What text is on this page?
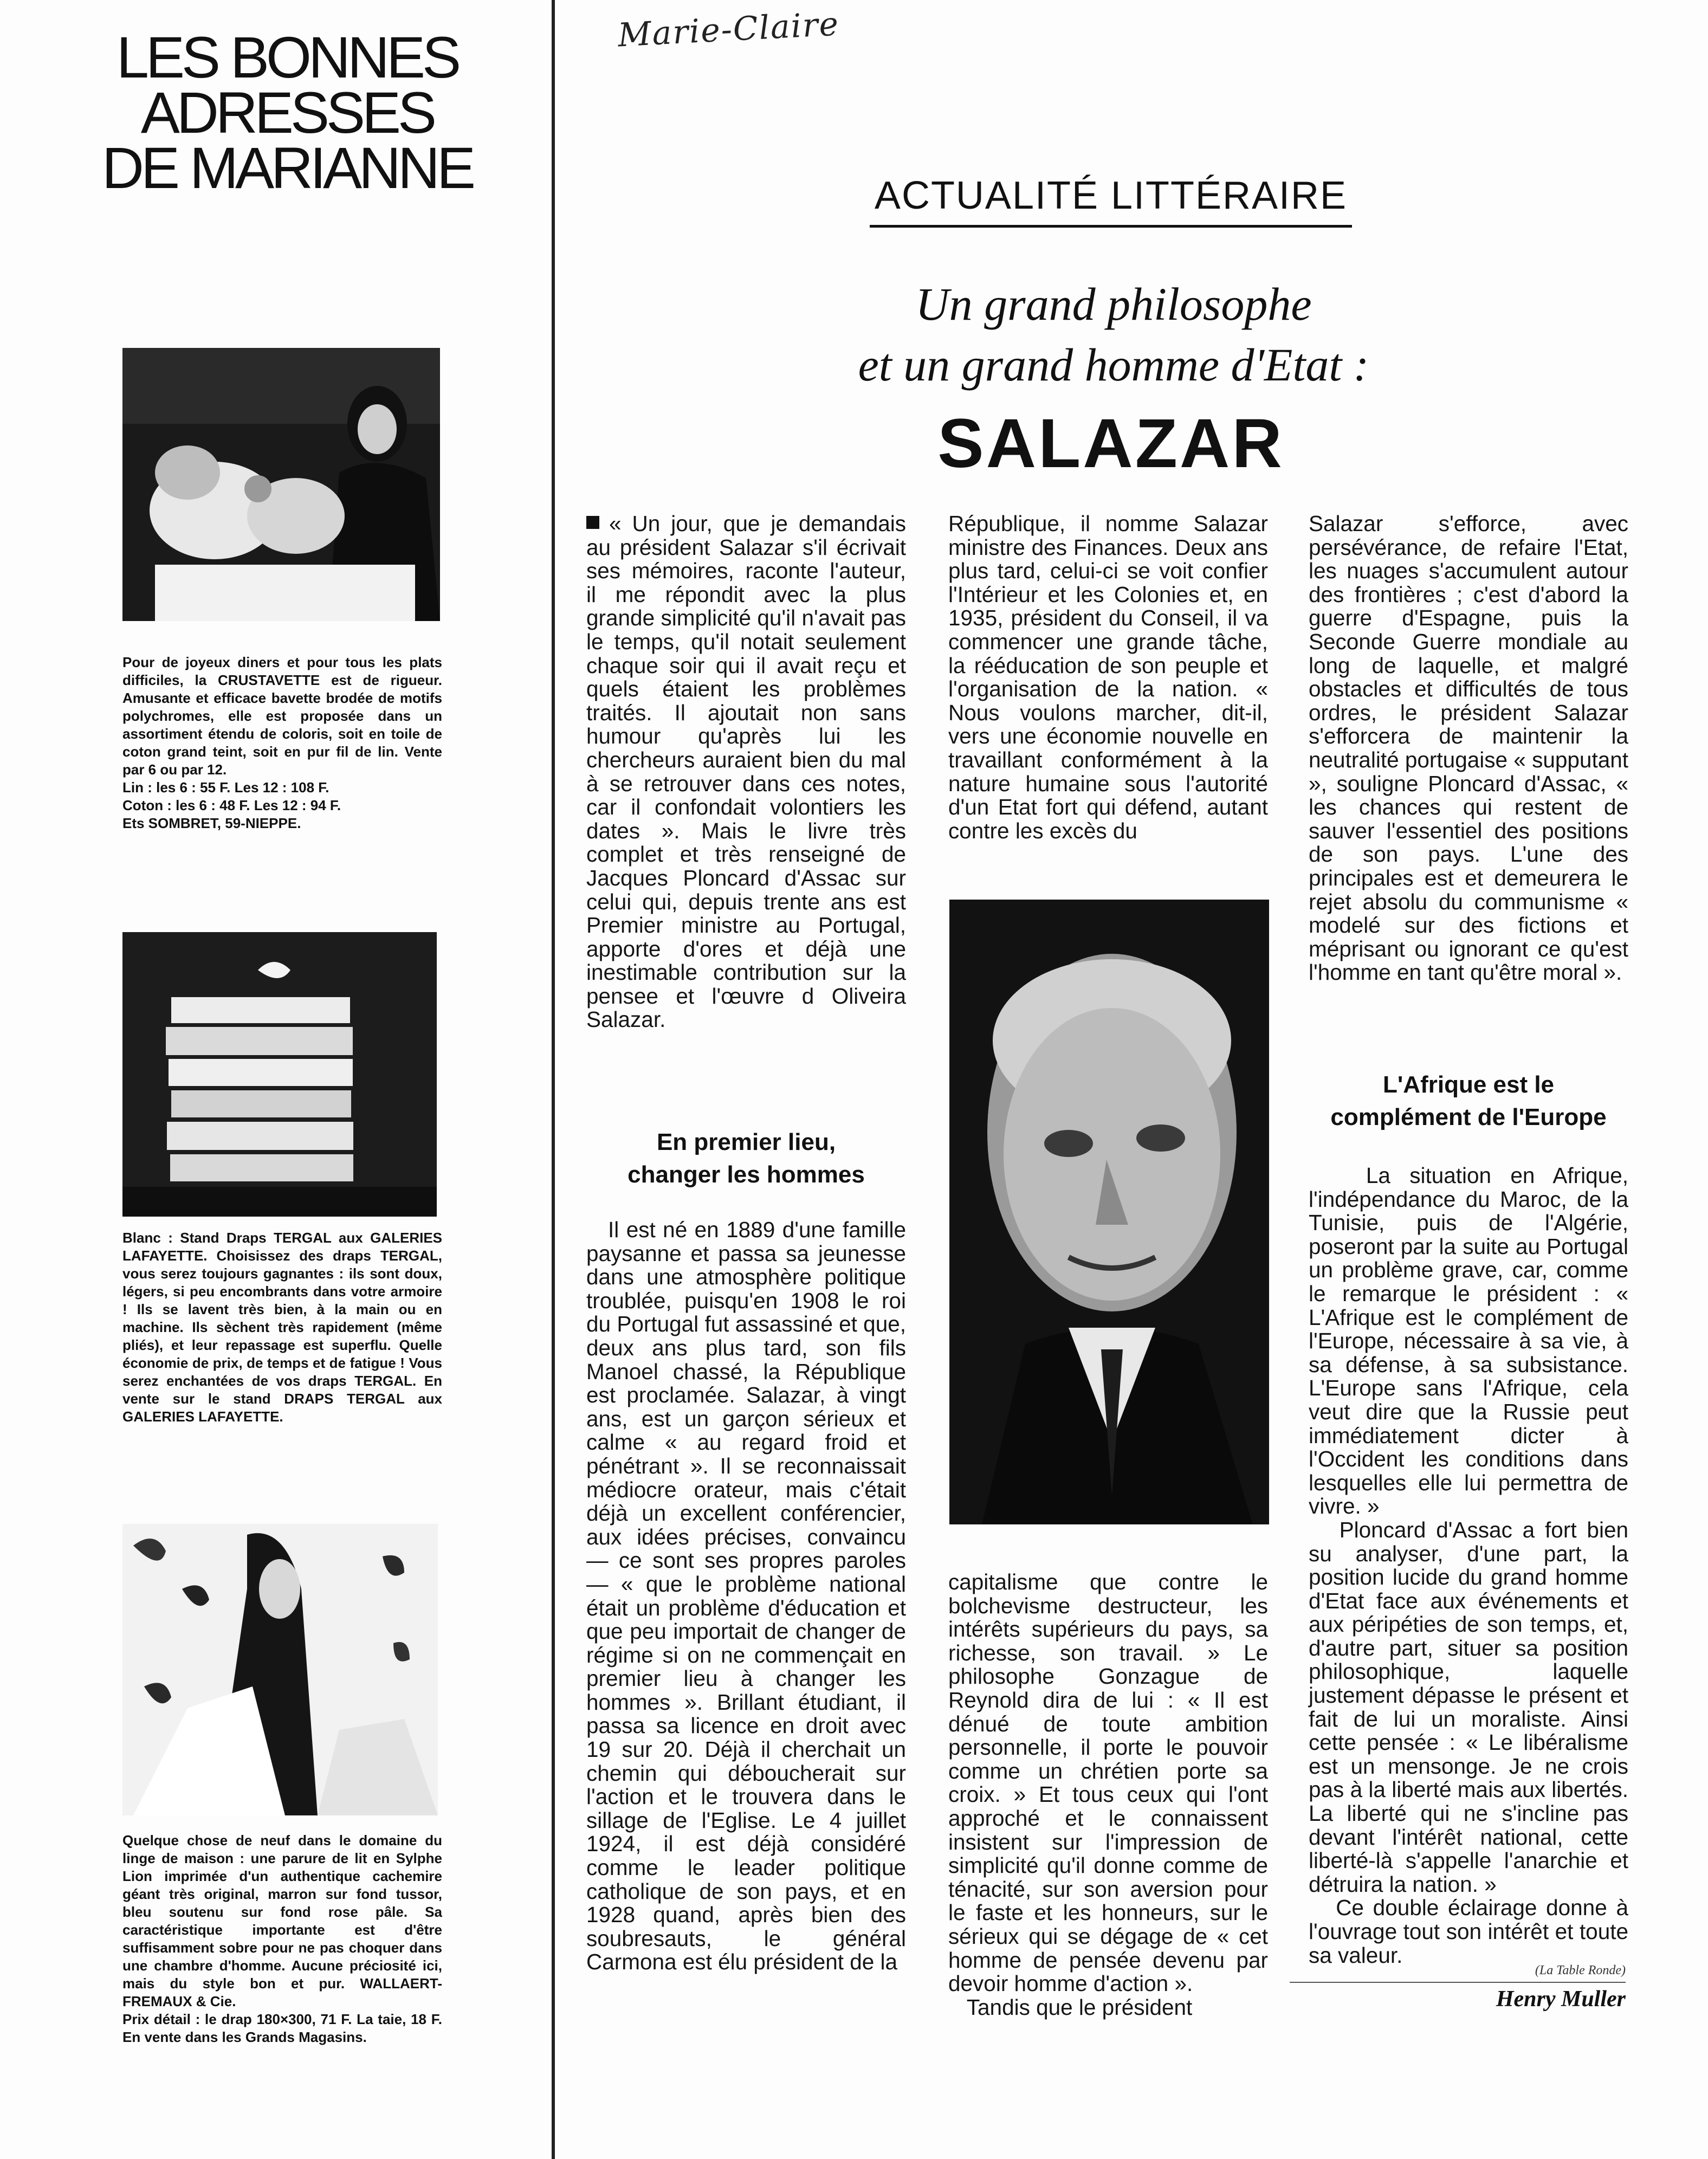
Marie-Claire
LES BONNES
ADRESSES
DE MARIANNE
Pour de joyeux diners et pour tous les plats difficiles, la CRUSTAVETTE est de rigueur. Amusante et efficace bavette brodée de motifs polychromes, elle est proposée dans un assortiment étendu de coloris, soit en toile de coton grand teint, soit en pur fil de lin. Vente par 6 ou par 12.
Lin : les 6 : 55 F. Les 12 : 108 F.
Coton : les 6 : 48 F. Les 12 : 94 F.
Ets SOMBRET, 59-NIEPPE.
Blanc : Stand Draps TERGAL aux GALERIES LAFAYETTE. Choisissez des draps TERGAL, vous serez toujours gagnantes : ils sont doux, légers, si peu encombrants dans votre armoire ! Ils se lavent très bien, à la main ou en machine. Ils sèchent très rapidement (même pliés), et leur repassage est superflu. Quelle économie de prix, de temps et de fatigue ! Vous serez enchantées de vos draps TERGAL. En vente sur le stand DRAPS TERGAL aux GALERIES LAFAYETTE.
Quelque chose de neuf dans le domaine du linge de maison : une parure de lit en Sylphe Lion imprimée d'un authentique cachemire géant très original, marron sur fond tussor, bleu soutenu sur fond rose pâle. Sa caractéristique importante est d'être suffisamment sobre pour ne pas choquer dans une chambre d'homme. Aucune préciosité ici, mais du style bon et pur. WALLAERT-FREMAUX & Cie.
Prix détail : le drap 180×300, 71 F. La taie, 18 F. En vente dans les Grands Magasins.
ACTUALITÉ LITTÉRAIRE
Un grand philosophe
et un grand homme d'Etat :
SALAZAR
« Un jour, que je demandais au président Salazar s'il écrivait ses mémoires, raconte l'auteur, il me répondit avec la plus grande simplicité qu'il n'avait pas le temps, qu'il notait seulement chaque soir qui il avait reçu et quels étaient les problèmes traités. Il ajoutait non sans humour qu'après lui les chercheurs auraient bien du mal à se retrouver dans ces notes, car il confondait volontiers les dates ». Mais le livre très complet et très renseigné de Jacques Ploncard d'Assac sur celui qui, depuis trente ans est Premier ministre au Portugal, apporte d'ores et déjà une inestimable contribution sur la pensee et l'œuvre d Oliveira Salazar.
En premier lieu,
changer les hommes
Il est né en 1889 d'une famille paysanne et passa sa jeunesse dans une atmosphère politique troublée, puisqu'en 1908 le roi du Portugal fut assassiné et que, deux ans plus tard, son fils Manoel chassé, la République est proclamée. Salazar, à vingt ans, est un garçon sérieux et calme « au regard froid et pénétrant ». Il se reconnaissait médiocre orateur, mais c'était déjà un excellent conférencier, aux idées précises, convaincu — ce sont ses propres paroles — « que le problème national était un problème d'éducation et que peu importait de changer de régime si on ne commençait en premier lieu à changer les hommes ». Brillant étudiant, il passa sa licence en droit avec 19 sur 20. Déjà il cherchait un chemin qui déboucherait sur l'action et le trouvera dans le sillage de l'Eglise. Le 4 juillet 1924, il est déjà considéré comme le leader politique catholique de son pays, et en 1928 quand, après bien des soubresauts, le général Carmona est élu président de la
République, il nomme Salazar ministre des Finances. Deux ans plus tard, celui-ci se voit confier l'Intérieur et les Colonies et, en 1935, président du Conseil, il va commencer une grande tâche, la rééducation de son peuple et l'organisation de la nation. « Nous voulons marcher, dit-il, vers une économie nouvelle en travaillant conformément à la nature humaine sous l'autorité d'un Etat fort qui défend, autant contre les excès du
capitalisme que contre le bolchevisme destructeur, les intérêts supérieurs du pays, sa richesse, son travail. » Le philosophe Gonzague de Reynold dira de lui : « Il est dénué de toute ambition personnelle, il porte le pouvoir comme un chrétien porte sa croix. » Et tous ceux qui l'ont approché et le connaissent insistent sur l'impression de simplicité qu'il donne comme de ténacité, sur son aversion pour le faste et les honneurs, sur le sérieux qui se dégage de « cet homme de pensée devenu par devoir homme d'action ».
Tandis que le président
Salazar s'efforce, avec persévérance, de refaire l'Etat, les nuages s'accumulent autour des frontières ; c'est d'abord la guerre d'Espagne, puis la Seconde Guerre mondiale au long de laquelle, et malgré obstacles et difficultés de tous ordres, le président Salazar s'efforcera de maintenir la neutralité portugaise « supputant », souligne Ploncard d'Assac, « les chances qui restent de sauver l'essentiel des positions de son pays. L'une des principales est et demeurera le rejet absolu du communisme « modelé sur des fictions et méprisant ou ignorant ce qu'est l'homme en tant qu'être moral ».
L'Afrique est le
complément de l'Europe
La situation en Afrique, l'indépendance du Maroc, de la Tunisie, puis de l'Algérie, poseront par la suite au Portugal un problème grave, car, comme le remarque le président : « L'Afrique est le complément de l'Europe, nécessaire à sa vie, à sa défense, à sa subsistance. L'Europe sans l'Afrique, cela veut dire que la Russie peut immédiatement dicter à l'Occident les conditions dans lesquelles elle lui permettra de vivre. »
Ploncard d'Assac a fort bien su analyser, d'une part, la position lucide du grand homme d'Etat face aux événements et aux péripéties de son temps, et, d'autre part, situer sa position philosophique, laquelle justement dépasse le présent et fait de lui un moraliste. Ainsi cette pensée : « Le libéralisme est un mensonge. Je ne crois pas à la liberté mais aux libertés. La liberté qui ne s'incline pas devant l'intérêt national, cette liberté-là s'appelle l'anarchie et détruira la nation. »
Ce double éclairage donne à l'ouvrage tout son intérêt et toute sa valeur.
(La Table Ronde)
Henry Muller
